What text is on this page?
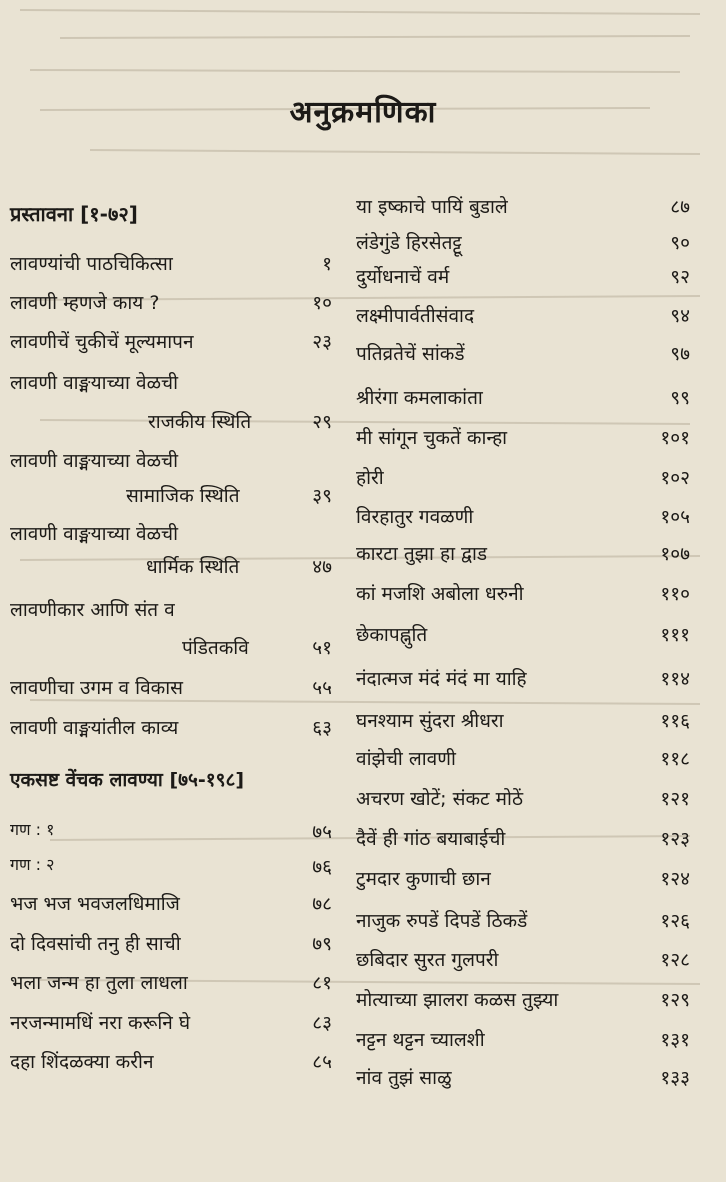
अनुक्रमणिका
प्रस्तावना [१-७२]
लावण्यांची पाठचिकित्सा	१
लावणी म्हणजे काय ?	१०
लावणीचें चुकीचें मूल्यमापन	२३
लावणी वाङ्मयाच्या वेळची
राजकीय स्थिति	२९
लावणी वाङ्मयाच्या वेळची
सामाजिक स्थिति	३९
लावणी वाङ्मयाच्या वेळची
धार्मिक स्थिति	४७
लावणीकार आणि संत व
पंडितकवि	५१
लावणीचा उगम व विकास	५५
लावणी वाङ्मयांतील काव्य	६३
एकसष्ट वेंचक लावण्या [७५-१९८]
गण : १	७५
गण : २	७६
भज भज भवजलधिमाजि	७८
दो दिवसांची तनु ही साची	७९
भला जन्म हा तुला लाधला	८१
नरजन्मामधिं नरा करूनि घे	८३
दहा शिंदळक्या करीन	८५
या इष्काचे पायिं बुडाले	८७
लंडेगुंडे हिरसेतट्टू	९०
दुर्योधनाचें वर्म	९२
लक्ष्मीपार्वतीसंवाद	९४
पतिव्रतेचें सांकडें	९७
श्रीरंगा कमलाकांता	९९
मी सांगून चुकतें कान्हा	१०१
होरी	१०२
विरहातुर गवळणी	१०५
कारटा तुझा हा द्वाड	१०७
कां मजशि अबोला धरुनी	११०
छेकापह्नुति	१११
नंदात्मज मंदं मंदं मा याहि	११४
घनश्याम सुंदरा श्रीधरा	११६
वांझेची लावणी	११८
अचरण खोटें; संकट मोठें	१२१
दैवें ही गांठ बयाबाईची	१२३
टुमदार कुणाची छान	१२४
नाजुक रुपडें दिपडें ठिकडें	१२६
छबिदार सुरत गुलपरी	१२८
मोत्याच्या झालरा कळस तुझ्या	१२९
नट्टन थट्टन च्यालशी	१३१
नांव तुझं साळु	१३३
